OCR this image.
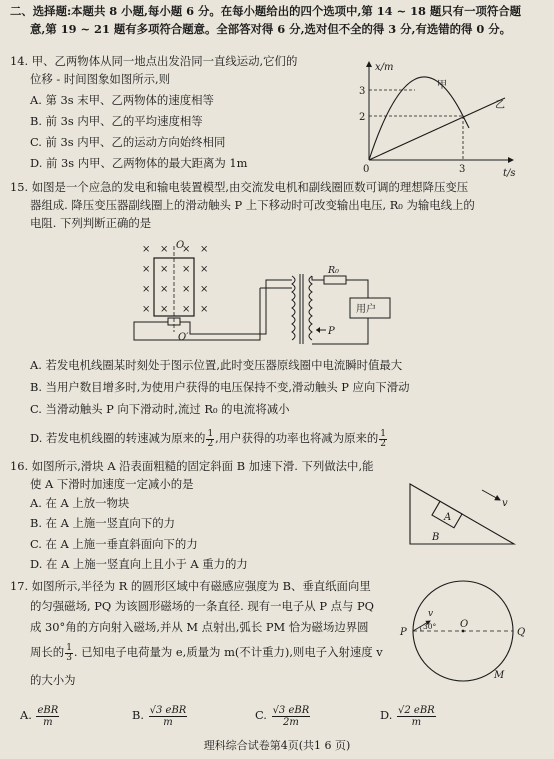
二、选择题:本题共 8 小题,每小题 6 分。在每小题给出的四个选项中,第 14 ~ 18 题只有一项符合题
意,第 19 ~ 21 题有多项符合题意。全部答对得 6 分,选对但不全的得 3 分,有选错的得 0 分。
14. 甲、乙两物体从同一地点出发沿同一直线运动,它们的
位移 - 时间图象如图所示,则
A. 第 3s 末甲、乙两物体的速度相等
B. 前 3s 内甲、乙的平均速度相等
C. 前 3s 内甲、乙的运动方向始终相同
D. 前 3s 内甲、乙两物体的最大距离为 1m
x/m
t/s
0
3
2
3
甲
乙
15. 如图是一个应急的发电和输电装置模型,由交流发电机和副线圈匝数可调的理想降压变压
器组成. 降压变压器副线圈上的滑动触头 P 上下移动时可改变输出电压, R₀ 为输电线上的
电阻. 下列判断正确的是
× × × ×
× × × ×
× × × ×
× × × ×
O
O′
R₀
用户
P
A. 若发电机线圈某时刻处于图示位置,此时变压器原线圈中电流瞬时值最大
B. 当用户数目增多时,为使用户获得的电压保持不变,滑动触头 P 应向下滑动
C. 当滑动触头 P 向下滑动时,流过 R₀ 的电流将减小
D. 若发电机线圈的转速减为原来的 $\frac{1}{2}$ ,用户获得的功率也将减为原来的 $\frac{1}{2}$
16. 如图所示,滑块 A 沿表面粗糙的固定斜面 B 加速下滑. 下列做法中,能
使 A 下滑时加速度一定减小的是
A. 在 A 上放一物块
B. 在 A 上施一竖直向下的力
C. 在 A 上施一垂直斜面向下的力
D. 在 A 上施一竖直向上且小于 A 重力的力
A
B
v
17. 如图所示,半径为 R 的圆形区域中有磁感应强度为 B、垂直纸面向里
的匀强磁场, PQ 为该圆形磁场的一条直径. 现有一电子从 P 点与 PQ
成 30°角的方向射入磁场,并从 M 点射出,弧长 PM 恰为磁场边界圆
周长的 $\frac{1}{3}$ . 已知电子电荷量为 e,质量为 m(不计重力),则电子入射速度 v
的大小为
P	Q
O
v
30°
M
A. $\frac{\text{eBR}}{m}$	B. $\frac{\text{√3 eBR}}{m}$	C. $\frac{\text{√3 eBR}}{2m}$	D. $\frac{\text{√2 eBR}}{m}$
理科综合试卷第4页(共1 6 页)
